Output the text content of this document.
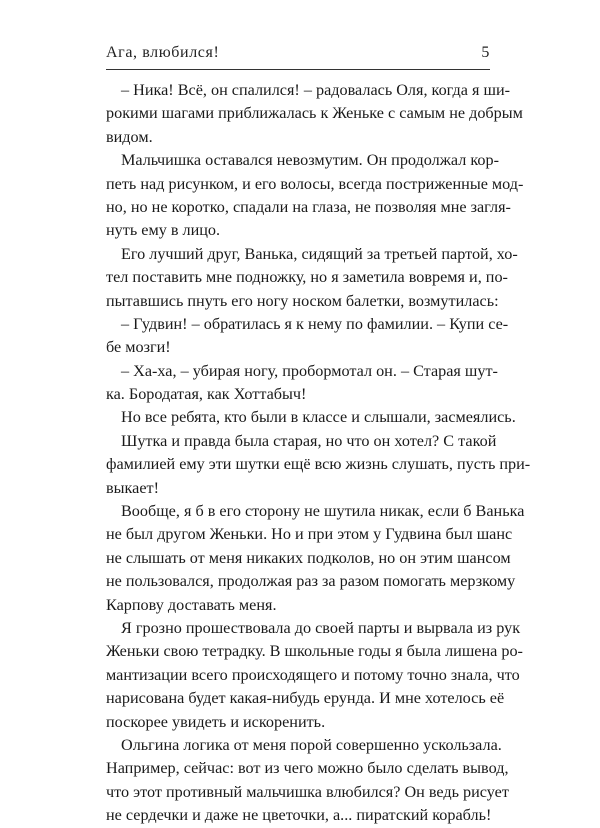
Ага, влюбился!	5
– Ника! Всё, он спалился! – радовалась Оля, когда я ши-
рокими шагами приближалась к Женьке с самым не добрым
видом.
Мальчишка оставался невозмутим. Он продолжал кор-
петь над рисунком, и его волосы, всегда постриженные мод-
но, но не коротко, спадали на глаза, не позволяя мне загля-
нуть ему в лицо.
Его лучший друг, Ванька, сидящий за третьей партой, хо-
тел поставить мне подножку, но я заметила вовремя и, по-
пытавшись пнуть его ногу носком балетки, возмутилась:
– Гудвин! – обратилась я к нему по фамилии. – Купи се-
бе мозги!
– Ха-ха, – убирая ногу, пробормотал он. – Старая шут-
ка. Бородатая, как Хоттабыч!
Но все ребята, кто были в классе и слышали, засмеялись.
Шутка и правда была старая, но что он хотел? С такой
фамилией ему эти шутки ещё всю жизнь слушать, пусть при-
выкает!
Вообще, я б в его сторону не шутила никак, если б Ванька
не был другом Женьки. Но и при этом у Гудвина был шанс
не слышать от меня никаких подколов, но он этим шансом
не пользовался, продолжая раз за разом помогать мерзкому
Карпову доставать меня.
Я грозно прошествовала до своей парты и вырвала из рук
Женьки свою тетрадку. В школьные годы я была лишена ро-
мантизации всего происходящего и потому точно знала, что
нарисована будет какая-нибудь ерунда. И мне хотелось её
поскорее увидеть и искоренить.
Ольгина логика от меня порой совершенно ускользала.
Например, сейчас: вот из чего можно было сделать вывод,
что этот противный мальчишка влюбился? Он ведь рисует
не сердечки и даже не цветочки, а... пиратский корабль!
